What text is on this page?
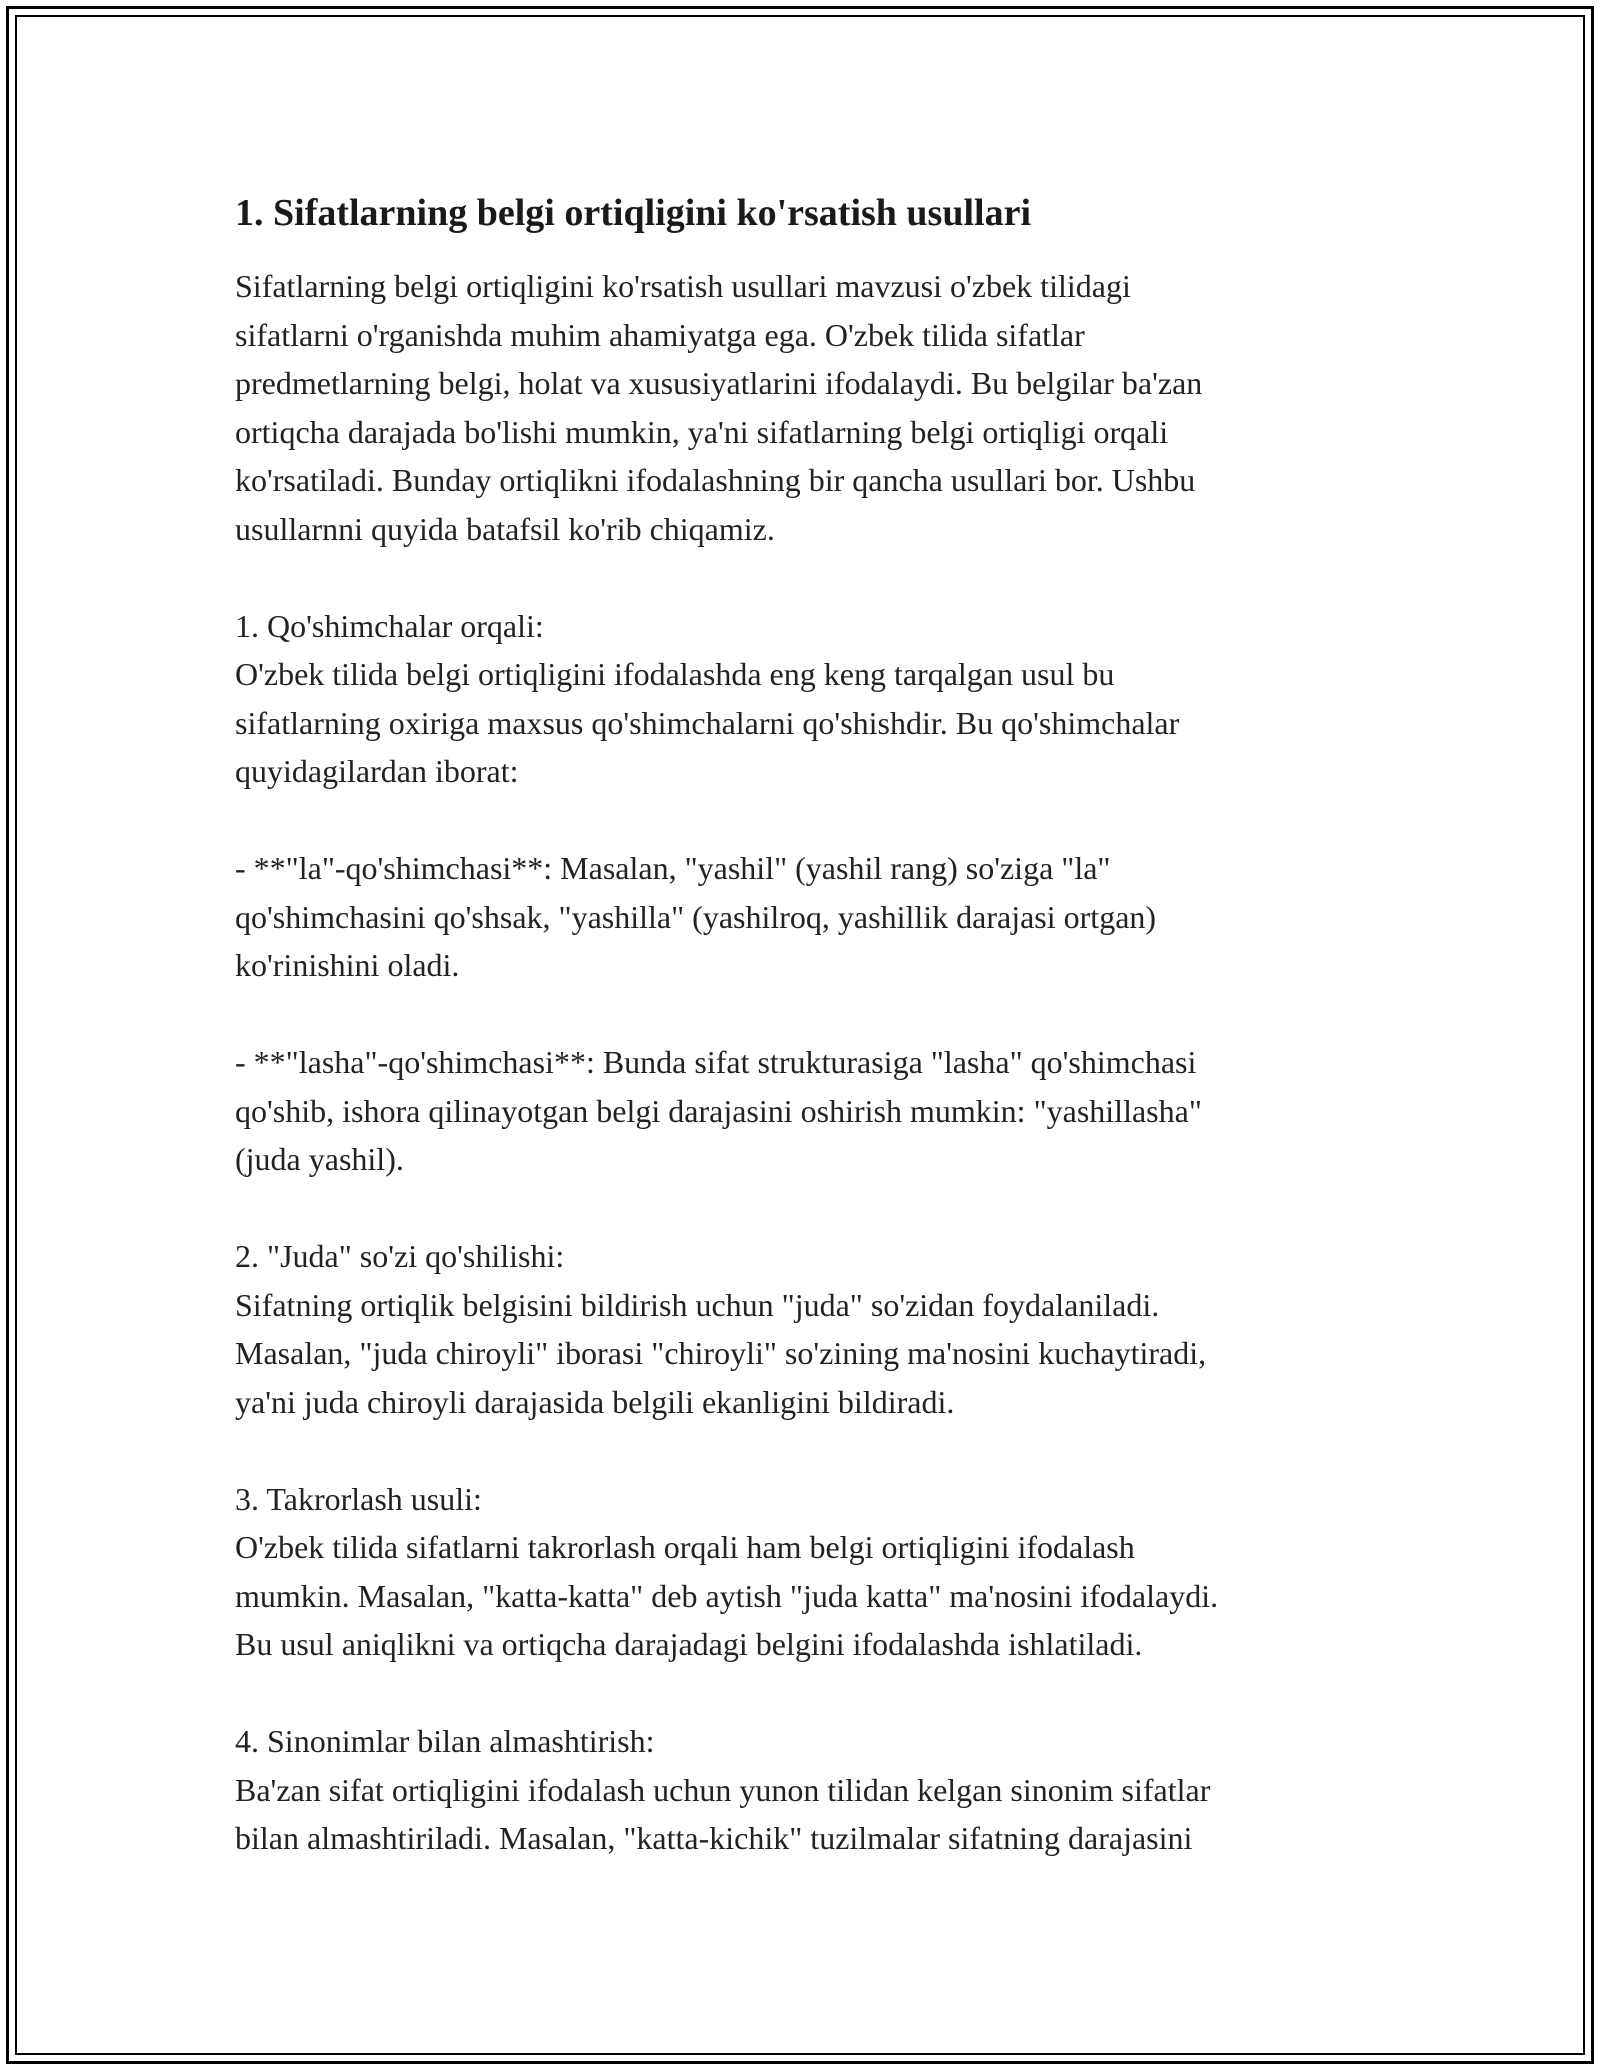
1. Sifatlarning belgi ortiqligini ko'rsatish usullari

Sifatlarning belgi ortiqligini ko'rsatish usullari mavzusi o'zbek tilidagi
sifatlarni o'rganishda muhim ahamiyatga ega. O'zbek tilida sifatlar
predmetlarning belgi, holat va xususiyatlarini ifodalaydi. Bu belgilar ba'zan
ortiqcha darajada bo'lishi mumkin, ya'ni sifatlarning belgi ortiqligi orqali
ko'rsatiladi. Bunday ortiqlikni ifodalashning bir qancha usullari bor. Ushbu
usullarnni quyida batafsil ko'rib chiqamiz.

1. Qo'shimchalar orqali:
O'zbek tilida belgi ortiqligini ifodalashda eng keng tarqalgan usul bu
sifatlarning oxiriga maxsus qo'shimchalarni qo'shishdir. Bu qo'shimchalar
quyidagilardan iborat:

- **"la"-qo'shimchasi**: Masalan, "yashil" (yashil rang) so'ziga "la"
qo'shimchasini qo'shsak, "yashilla" (yashilroq, yashillik darajasi ortgan)
ko'rinishini oladi.

- **"lasha"-qo'shimchasi**: Bunda sifat strukturasiga "lasha" qo'shimchasi
qo'shib, ishora qilinayotgan belgi darajasini oshirish mumkin: "yashillasha"
(juda yashil).

2. "Juda" so'zi qo'shilishi:
Sifatning ortiqlik belgisini bildirish uchun "juda" so'zidan foydalaniladi.
Masalan, "juda chiroyli" iborasi "chiroyli" so'zining ma'nosini kuchaytiradi,
ya'ni juda chiroyli darajasida belgili ekanligini bildiradi.

3. Takrorlash usuli:
O'zbek tilida sifatlarni takrorlash orqali ham belgi ortiqligini ifodalash
mumkin. Masalan, "katta-katta" deb aytish "juda katta" ma'nosini ifodalaydi.
Bu usul aniqlikni va ortiqcha darajadagi belgini ifodalashda ishlatiladi.

4. Sinonimlar bilan almashtirish:
Ba'zan sifat ortiqligini ifodalash uchun yunon tilidan kelgan sinonim sifatlar
bilan almashtiriladi. Masalan, "katta-kichik" tuzilmalar sifatning darajasini
